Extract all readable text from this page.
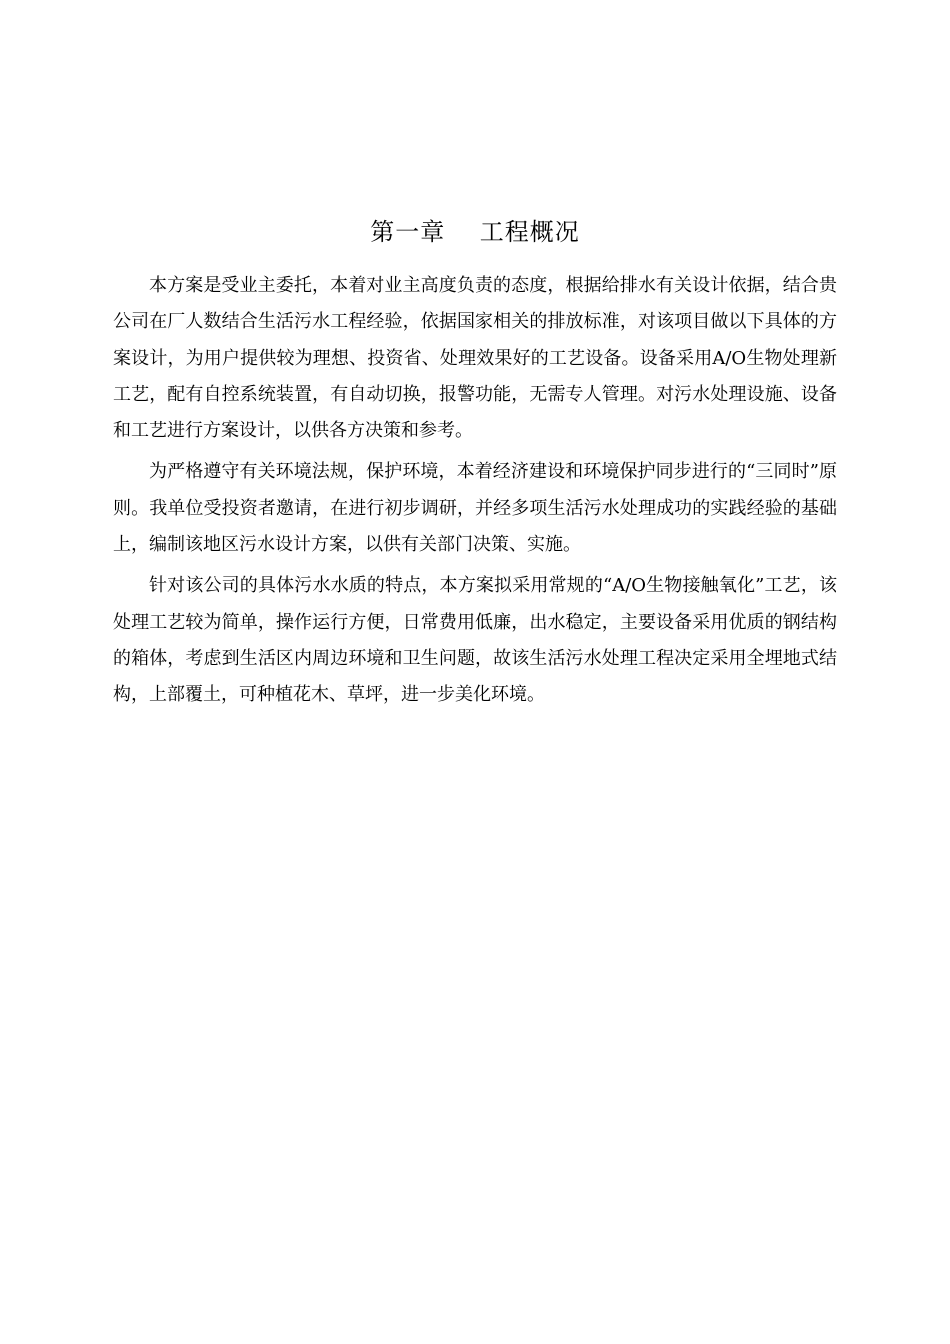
第一章    工程概况

本方案是受业主委托，本着对业主高度负责的态度，根据给排水有关设计依据，结合贵公司在厂人数结合生活污水工程经验，依据国家相关的排放标准，对该项目做以下具体的方案设计，为用户提供较为理想、投资省、处理效果好的工艺设备。设备采用A/O生物处理新工艺，配有自控系统装置，有自动切换，报警功能，无需专人管理。对污水处理设施、设备和工艺进行方案设计，以供各方决策和参考。

为严格遵守有关环境法规，保护环境，本着经济建设和环境保护同步进行的“三同时”原则。我单位受投资者邀请，在进行初步调研，并经多项生活污水处理成功的实践经验的基础上，编制该地区污水设计方案，以供有关部门决策、实施。

针对该公司的具体污水水质的特点，本方案拟采用常规的“A/O生物接触氧化”工艺，该处理工艺较为简单，操作运行方便，日常费用低廉，出水稳定，主要设备采用优质的钢结构的箱体，考虑到生活区内周边环境和卫生问题，故该生活污水处理工程决定采用全埋地式结构，上部覆土，可种植花木、草坪，进一步美化环境。
